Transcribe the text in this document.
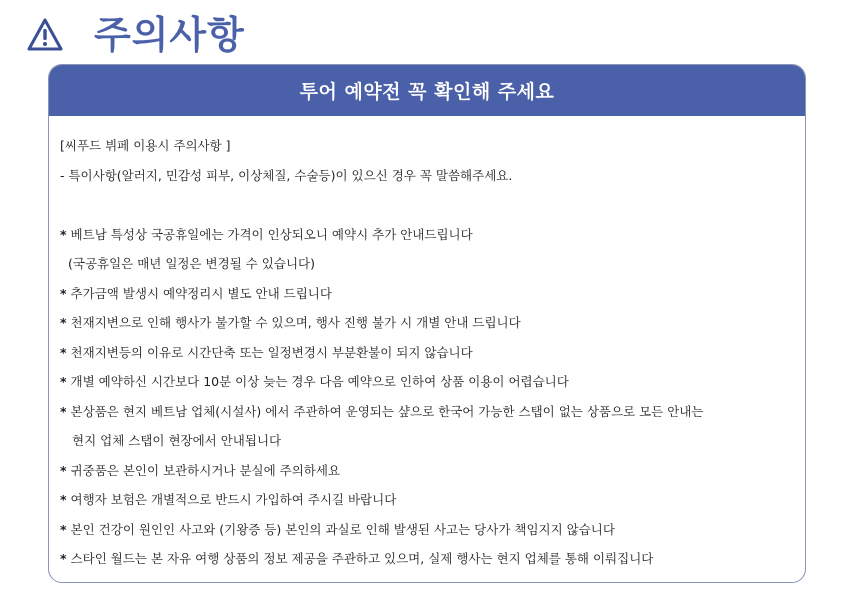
주의사항
투어 예약전 꼭 확인해 주세요
[씨푸드 뷔페 이용시 주의사항 ]
- 특이사항(알러지, 민감성 피부, 이상체질, 수술등)이 있으신 경우 꼭 말씀해주세요.
* 베트남 특성상 국공휴일에는 가격이 인상되오니 예약시 추가 안내드립니다
(국공휴일은 매년 일정은 변경될 수 있습니다)
* 추가금액 발생시 예약정리시 별도 안내 드립니다
* 천재지변으로 인해 행사가 불가할 수 있으며, 행사 진행 불가 시 개별 안내 드립니다
* 천재지변등의 이유로 시간단축 또는 일정변경시 부분환불이 되지 않습니다
* 개별 예약하신 시간보다 10분 이상 늦는 경우 다음 예약으로 인하여 상품 이용이 어렵습니다
* 본상품은 현지 베트남 업체(시설사) 에서 주관하여 운영되는 샾으로 한국어 가능한 스탭이 없는 상품으로 모든 안내는
현지 업체 스탭이 현장에서 안내됩니다
* 귀중품은 본인이 보관하시거나 분실에 주의하세요
* 여행자 보험은 개별적으로 반드시 가입하여 주시길 바랍니다
* 본인 건강이 원인인 사고와 (기왕증 등) 본인의 과실로 인해 발생된 사고는 당사가 책임지지 않습니다
* 스타인 월드는 본 자유 여행 상품의 정보 제공을 주관하고 있으며, 실제 행사는 현지 업체를 통해 이뤄집니다
